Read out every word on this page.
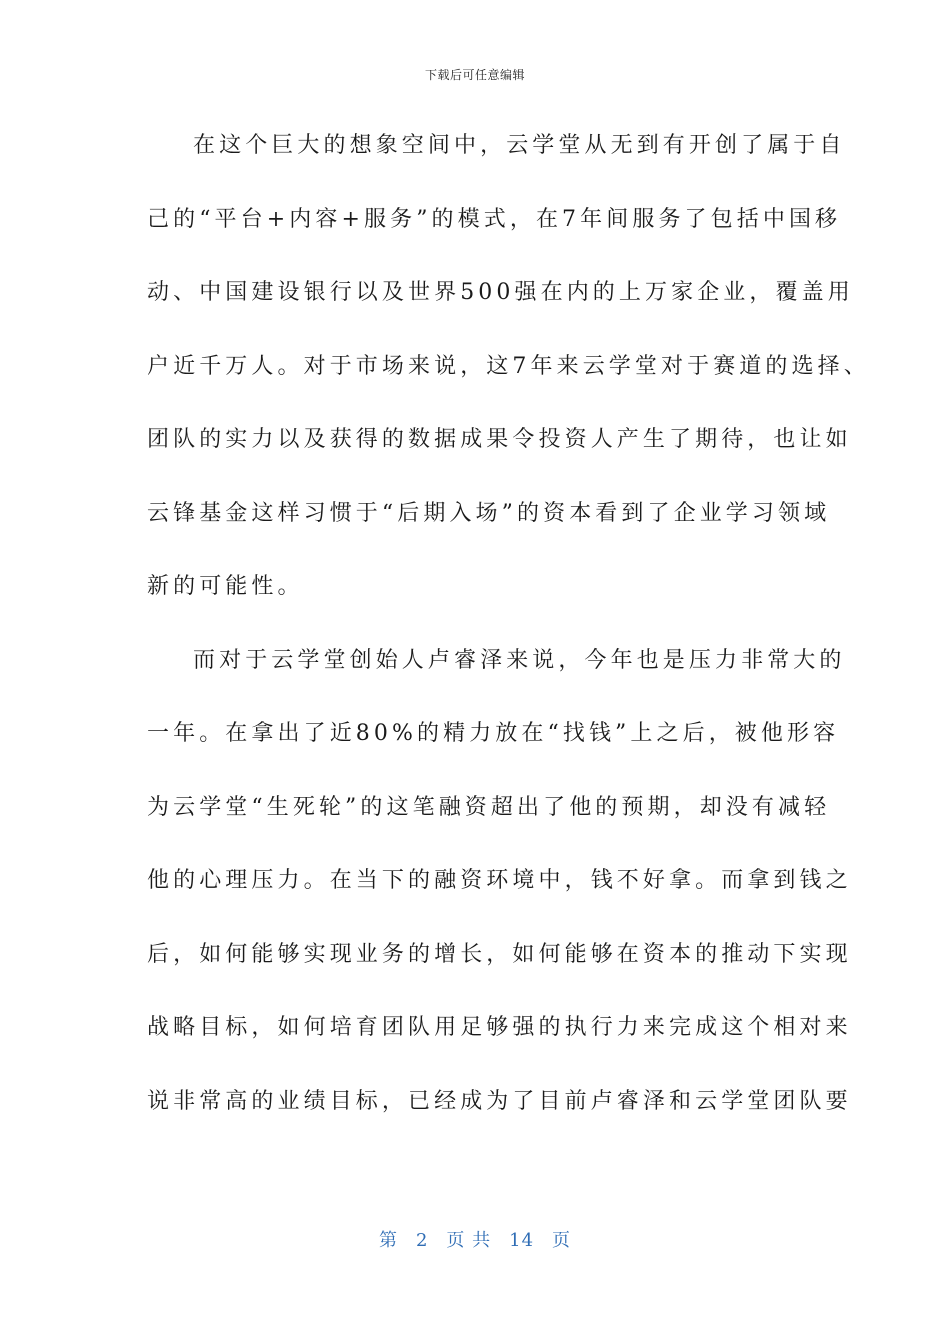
下载后可任意编辑
在这个巨大的想象空间中，云学堂从无到有开创了属于自
己的“平台+内容+服务”的模式，在7年间服务了包括中国移
动、中国建设银行以及世界500强在内的上万家企业，覆盖用
户近千万人。对于市场来说，这7年来云学堂对于赛道的选择、
团队的实力以及获得的数据成果令投资人产生了期待，也让如
云锋基金这样习惯于“后期入场”的资本看到了企业学习领域
新的可能性。
而对于云学堂创始人卢睿泽来说，今年也是压力非常大的
一年。在拿出了近80%的精力放在“找钱”上之后，被他形容
为云学堂“生死轮”的这笔融资超出了他的预期，却没有减轻
他的心理压力。在当下的融资环境中，钱不好拿。而拿到钱之
后，如何能够实现业务的增长，如何能够在资本的推动下实现
战略目标，如何培育团队用足够强的执行力来完成这个相对来
说非常高的业绩目标，已经成为了目前卢睿泽和云学堂团队要
第 2 页 共 14 页
